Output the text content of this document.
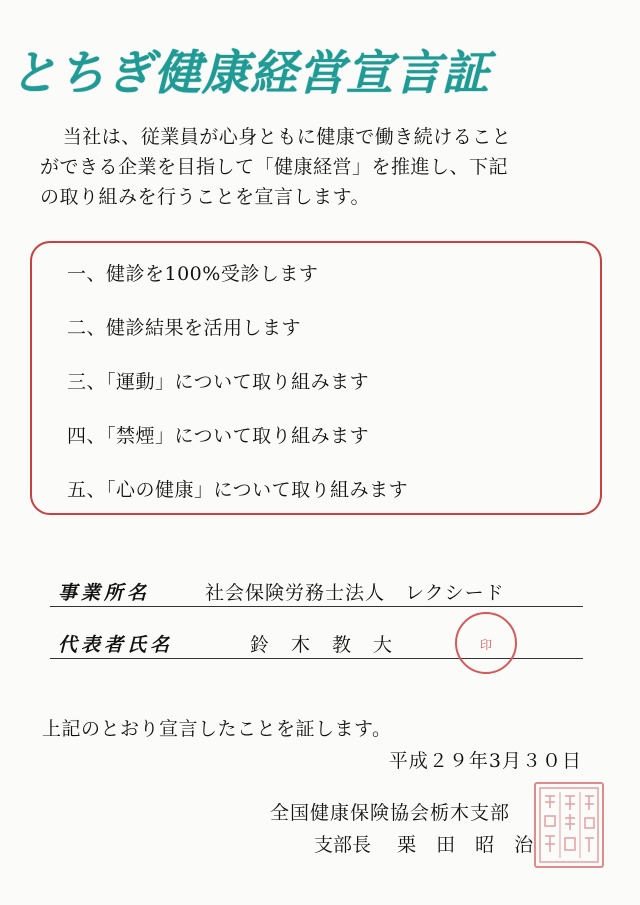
とちぎ健康経営宣言証

当社は、従業員が心身ともに健康で働き続けること

ができる企業を目指して「健康経営」を推進し、下記

の取り組みを行うことを宣言します。

一、健診を100%受診します
二、健診結果を活用します
三、「運動」について取り組みます
四、「禁煙」について取り組みます
五、「心の健康」について取り組みます
事業所名	社会保険労務士法人　レクシード
代表者氏名	鈴木教大	印
上記のとおり宣言したことを証します。
平成２９年3月３０日
全国健康保険協会栃木支部
支部長 栗田昭治
